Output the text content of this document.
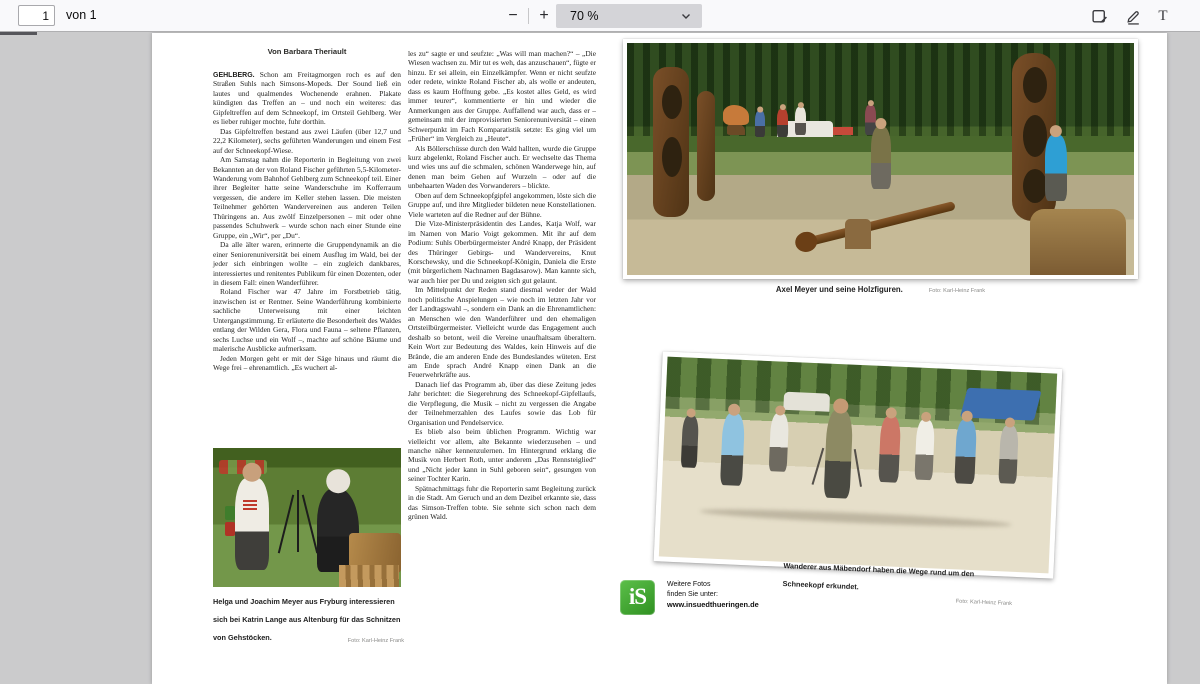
1
von 1	−	+	70 %	T
Von Barbara Theriault

GEHLBERG. Schon am Freitagmorgen roch es auf den Straßen Suhls nach Simsons-Mopeds. Der Sound ließ ein lautes und qualmendes Wochenende erahnen. Plakate kündigten das Treffen an – und noch ein weiteres: das Gipfeltreffen auf dem Schneekopf, im Ortsteil Gehlberg. Wer es lieber ruhiger mochte, fuhr dorthin.

Das Gipfeltreffen bestand aus zwei Läufen (über 12,7 und 22,2 Kilometer), sechs geführten Wanderungen und einem Fest auf der Schneekopf-Wiese.

Am Samstag nahm die Reporterin in Begleitung von zwei Bekannten an der von Roland Fischer geführten 5,5-Kilometer-Wanderung vom Bahnhof Gehlberg zum Schneekopf teil. Einer ihrer Begleiter hatte seine Wanderschuhe im Kofferraum vergessen, die andere im Keller stehen lassen. Die meisten Teilnehmer gehörten Wandervereinen aus anderen Teilen Thüringens an. Aus zwölf Einzelpersonen – mit oder ohne passendes Schuhwerk – wurde schon nach einer Stunde eine Gruppe, ein „Wir“, per „Du“.

Da alle älter waren, erinnerte die Gruppendynamik an die einer Seniorenuniversität bei einem Ausflug im Wald, bei der jeder sich einbringen wollte – ein zugleich dankbares, interessiertes und renitentes Publikum für einen Dozenten, oder in diesem Fall: einen Wanderführer.

Roland Fischer war 47 Jahre im Forstbetrieb tätig, inzwischen ist er Rentner. Seine Wanderführung kombinierte sachliche Unterweisung mit einer leichten Untergangstimmung. Er erläuterte die Besonderheit des Waldes entlang der Wilden Gera, Flora und Fauna – seltene Pflanzen, sechs Luchse und ein Wolf –, machte auf schöne Bäume und malerische Ausblicke aufmerksam.

Jeden Morgen geht er mit der Säge hinaus und räumt die Wege frei – ehrenamtlich. „Es wuchert al-

les zu“ sagte er und seufzte: „Was will man machen?“ – „Die Wiesen wachsen zu. Mir tut es weh, das anzuschauen“, fügte er hinzu. Er sei allein, ein Einzelkämpfer. Wenn er nicht seufzte oder redete, winkte Roland Fischer ab, als wolle er andeuten, dass es kaum Hoffnung gebe. „Es kostet alles Geld, es wird immer teurer“, kommentierte er hin und wieder die Anmerkungen aus der Gruppe. Auffallend war auch, dass er – gemeinsam mit der improvisierten Seniorenuniversität – einen Schwerpunkt im Fach Komparatistik setzte: Es ging viel um „Früher“ im Vergleich zu „Heute“.

Als Böllerschüsse durch den Wald hallten, wurde die Gruppe kurz abgelenkt, Roland Fischer auch. Er wechselte das Thema und wies uns auf die schmalen, schönen Wanderwege hin, auf denen man beim Gehen auf Wurzeln – oder auf die unbehaarten Waden des Vorwanderers – blickte.

Oben auf dem Schneekopfgipfel angekommen, löste sich die Gruppe auf, und ihre Mitglieder bildeten neue Konstellationen. Viele warteten auf die Redner auf der Bühne.

Die Vize-Ministerpräsidentin des Landes, Katja Wolf, war im Namen von Mario Voigt gekommen. Mit ihr auf dem Podium: Suhls Oberbürgermeister André Knapp, der Präsident des Thüringer Gebirgs- und Wandervereins, Knut Korschewsky, und die Schneekopf-Königin, Daniela die Erste (mit bürgerlichem Nachnamen Bagdasarow). Man kannte sich, war auch hier per Du und zeigten sich gut gelaunt.

Im Mittelpunkt der Reden stand diesmal weder der Wald noch politische Anspielungen – wie noch im letzten Jahr vor der Landtagswahl –, sondern ein Dank an die Ehrenamtlichen: an Menschen wie den Wanderführer und den ehemaligen Ortsteilbürgermeister. Vielleicht wurde das Engagement auch deshalb so betont, weil die Vereine unaufhaltsam überaltern. Kein Wort zur Bedeutung des Waldes, kein Hinweis auf die Brände, die am anderen Ende des Bundeslandes wüteten. Erst am Ende sprach André Knapp einen Dank an die Feuerwehrkräfte aus.

Danach lief das Programm ab, über das diese Zeitung jedes Jahr berichtet: die Siegerehrung des Schneekopf-Gipfellaufs, die Verpflegung, die Musik – nicht zu vergessen die Angabe der Teilnehmerzahlen des Laufes sowie das Lob für Organisation und Pendelservice.

Es blieb also beim üblichen Programm. Wichtig war vielleicht vor allem, alte Bekannte wiederzusehen – und manche näher kennenzulernen. Im Hintergrund erklang die Musik von Herbert Roth, unter anderem „Das Rennsteiglied“ und „Nicht jeder kann in Suhl geboren sein“, gesungen von seiner Tochter Karin.

Spätnachmittags fuhr die Reporterin samt Begleitung zurück in die Stadt. Am Geruch und an dem Dezibel erkannte sie, dass das Simson-Treffen tobte. Sie sehnte sich schon nach dem grünen Wald.

Axel Meyer und seine Holzfiguren.	Foto: Karl-Heinz Frank
Helga und Joachim Meyer aus Fryburg interessieren sich bei Katrin Lange aus Altenburg für das Schnitzen von Gehstöcken.	Foto: Karl-Heinz Frank
Wanderer aus Mäbendorf haben die Wege rund um den Schneekopf erkundet.
Foto: Karl-Heinz Frank
iS	Weitere Fotos
finden Sie unter:
www.insuedthueringen.de
